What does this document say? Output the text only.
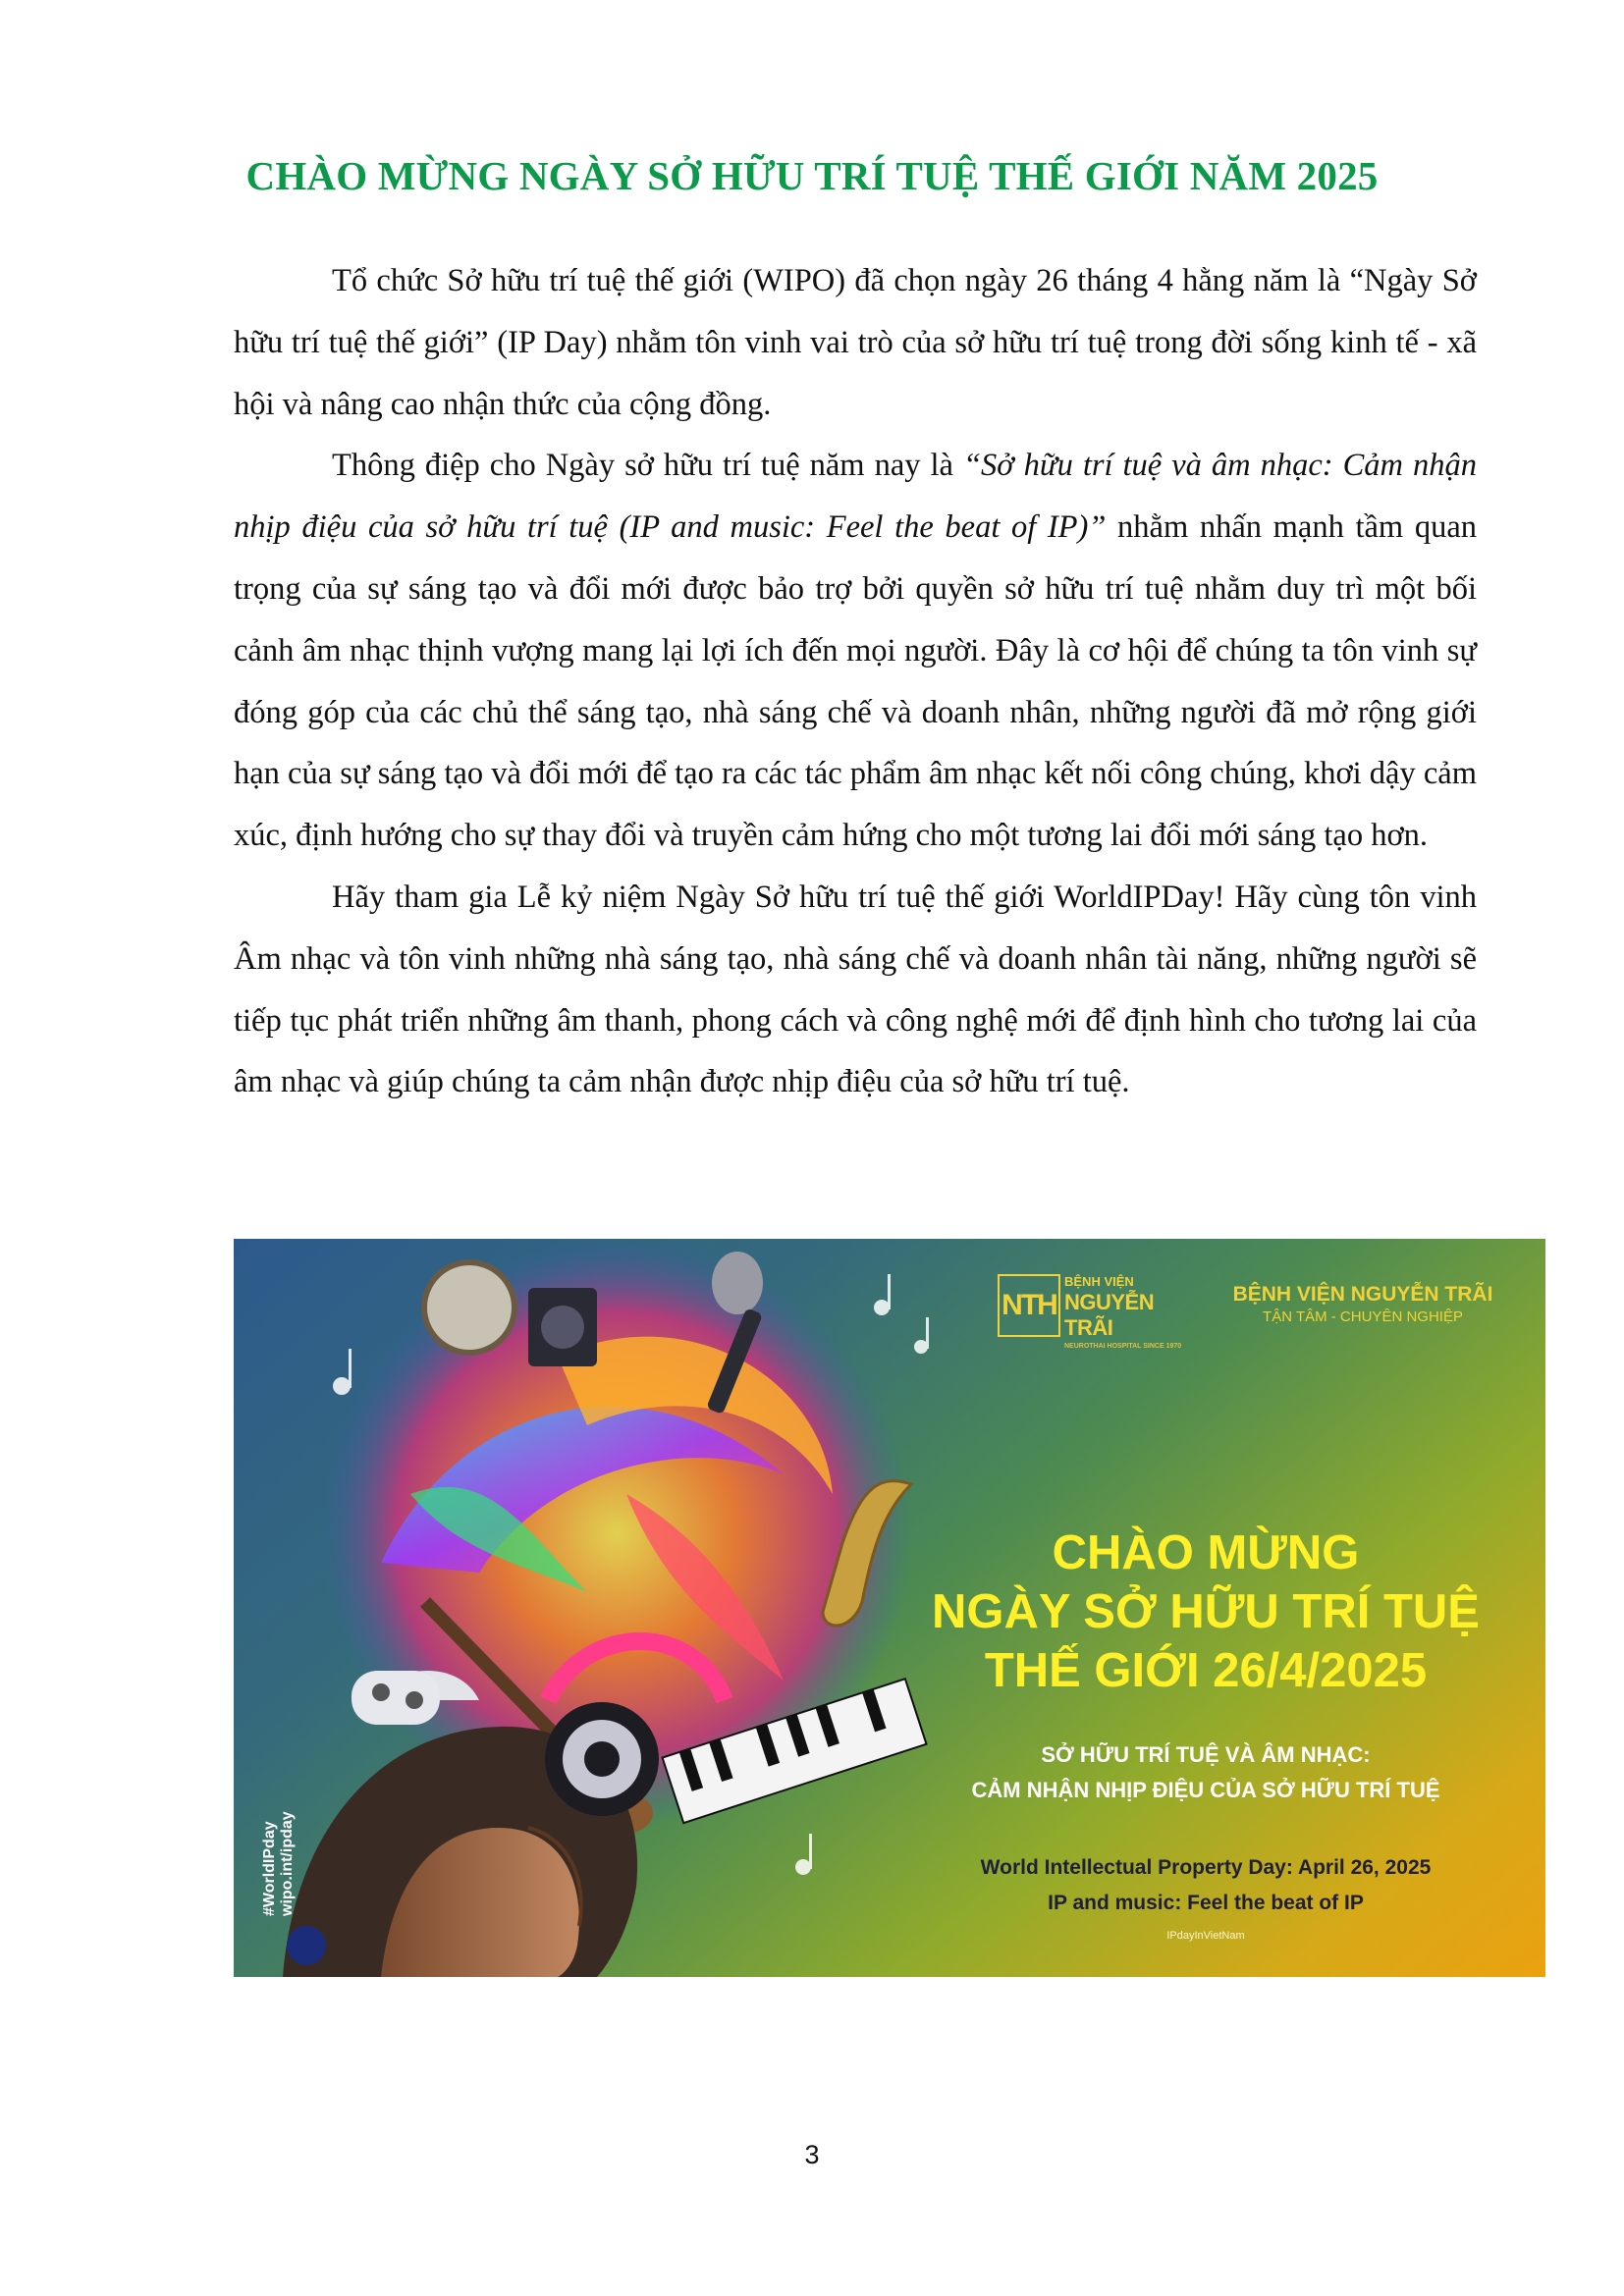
CHÀO MỪNG NGÀY SỞ HỮU TRÍ TUỆ THẾ GIỚI NĂM 2025

Tổ chức Sở hữu trí tuệ thế giới (WIPO) đã chọn ngày 26 tháng 4 hằng năm là “Ngày Sở hữu trí tuệ thế giới” (IP Day) nhằm tôn vinh vai trò của sở hữu trí tuệ trong đời sống kinh tế - xã hội và nâng cao nhận thức của cộng đồng.

Thông điệp cho Ngày sở hữu trí tuệ năm nay là “Sở hữu trí tuệ và âm nhạc: Cảm nhận nhịp điệu của sở hữu trí tuệ (IP and music: Feel the beat of IP)” nhằm nhấn mạnh tầm quan trọng của sự sáng tạo và đổi mới được bảo trợ bởi quyền sở hữu trí tuệ nhằm duy trì một bối cảnh âm nhạc thịnh vượng mang lại lợi ích đến mọi người. Đây là cơ hội để chúng ta tôn vinh sự đóng góp của các chủ thể sáng tạo, nhà sáng chế và doanh nhân, những người đã mở rộng giới hạn của sự sáng tạo và đổi mới để tạo ra các tác phẩm âm nhạc kết nối công chúng, khơi dậy cảm xúc, định hướng cho sự thay đổi và truyền cảm hứng cho một tương lai đổi mới sáng tạo hơn.

Hãy tham gia Lễ kỷ niệm Ngày Sở hữu trí tuệ thế giới WorldIPDay! Hãy cùng tôn vinh Âm nhạc và tôn vinh những nhà sáng tạo, nhà sáng chế và doanh nhân tài năng, những người sẽ tiếp tục phát triển những âm thanh, phong cách và công nghệ mới để định hình cho tương lai của âm nhạc và giúp chúng ta cảm nhận được nhịp điệu của sở hữu trí tuệ.

NTH
BỆNH VIỆN
NGUYỄN TRÃI
NEUROTHAI HOSPITAL SINCE 1970
BỆNH VIỆN NGUYỄN TRÃI
TẬN TÂM - CHUYÊN NGHIỆP
CHÀO MỪNG
NGÀY SỞ HỮU TRÍ TUỆ
THẾ GIỚI 26/4/2025
SỞ HỮU TRÍ TUỆ VÀ ÂM NHẠC:
CẢM NHẬN NHỊP ĐIỆU CỦA SỞ HỮU TRÍ TUỆ
World Intellectual Property Day: April 26, 2025
IP and music: Feel the beat of IP
IPdayInVietNam
#WorldIPday wipo.int/ipday
3
